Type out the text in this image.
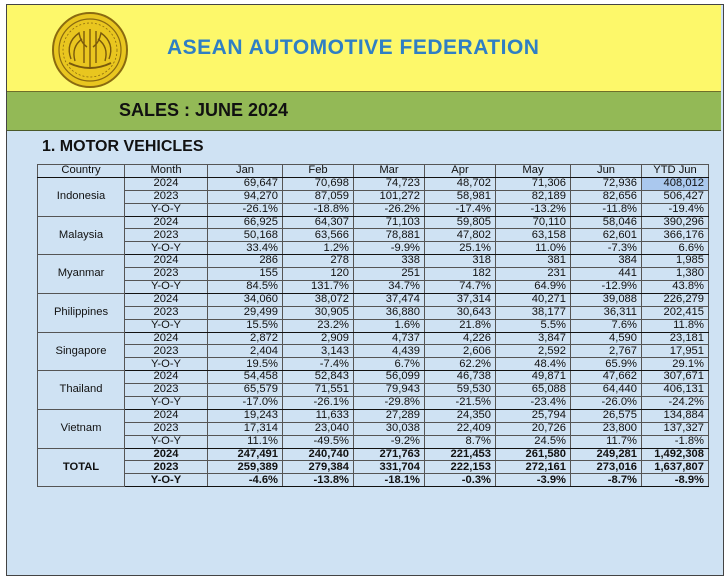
ASEAN AUTOMOTIVE FEDERATION
SALES : JUNE 2024
1. MOTOR VEHICLES
Country	Month	Jan	Feb	Mar	Apr	May	Jun	YTD Jun
Indonesia	2024	69,647	70,698	74,723	48,702	71,306	72,936	408,012
	2023	94,270	87,059	101,272	58,981	82,189	82,656	506,427
	Y-O-Y	-26.1%	-18.8%	-26.2%	-17.4%	-13.2%	-11.8%	-19.4%
Malaysia	2024	66,925	64,307	71,103	59,805	70,110	58,046	390,296
	2023	50,168	63,566	78,881	47,802	63,158	62,601	366,176
	Y-O-Y	33.4%	1.2%	-9.9%	25.1%	11.0%	-7.3%	6.6%
Myanmar	2024	286	278	338	318	381	384	1,985
	2023	155	120	251	182	231	441	1,380
	Y-O-Y	84.5%	131.7%	34.7%	74.7%	64.9%	-12.9%	43.8%
Philippines	2024	34,060	38,072	37,474	37,314	40,271	39,088	226,279
	2023	29,499	30,905	36,880	30,643	38,177	36,311	202,415
	Y-O-Y	15.5%	23.2%	1.6%	21.8%	5.5%	7.6%	11.8%
Singapore	2024	2,872	2,909	4,737	4,226	3,847	4,590	23,181
	2023	2,404	3,143	4,439	2,606	2,592	2,767	17,951
	Y-O-Y	19.5%	-7.4%	6.7%	62.2%	48.4%	65.9%	29.1%
Thailand	2024	54,458	52,843	56,099	46,738	49,871	47,662	307,671
	2023	65,579	71,551	79,943	59,530	65,088	64,440	406,131
	Y-O-Y	-17.0%	-26.1%	-29.8%	-21.5%	-23.4%	-26.0%	-24.2%
Vietnam	2024	19,243	11,633	27,289	24,350	25,794	26,575	134,884
	2023	17,314	23,040	30,038	22,409	20,726	23,800	137,327
	Y-O-Y	11.1%	-49.5%	-9.2%	8.7%	24.5%	11.7%	-1.8%
TOTAL	2024	247,491	240,740	271,763	221,453	261,580	249,281	1,492,308
	2023	259,389	279,384	331,704	222,153	272,161	273,016	1,637,807
	Y-O-Y	-4.6%	-13.8%	-18.1%	-0.3%	-3.9%	-8.7%	-8.9%
